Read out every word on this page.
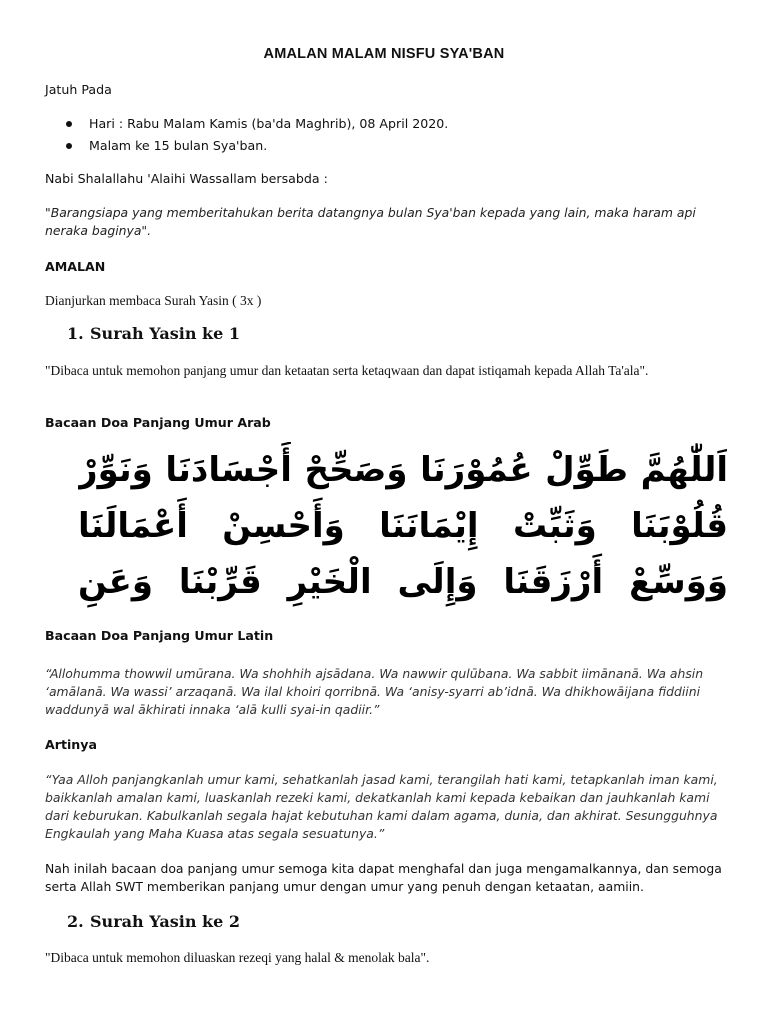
AMALAN MALAM NISFU SYA'BAN
Jatuh Pada
Hari : Rabu Malam Kamis (ba'da Maghrib), 08 April 2020.
Malam ke 15 bulan Sya'ban.
Nabi Shalallahu 'Alaihi Wassallam bersabda :
"Barangsiapa yang memberitahukan berita datangnya bulan Sya'ban kepada yang lain, maka haram api neraka baginya".
AMALAN
Dianjurkan membaca Surah Yasin ( 3x )
1. Surah Yasin ke 1
"Dibaca untuk memohon panjang umur dan ketaatan serta ketaqwaan dan dapat istiqamah kepada Allah Ta'ala".
Bacaan Doa Panjang Umur Arab
اَللّٰهُمَّ طَوِّلْ عُمُوْرَنَا وَصَحِّحْ أَجْسَادَنَا وَنَوِّرْ قُلُوْبَنَا وَثَبِّتْ إِيْمَانَنَا وَأَحْسِنْ أَعْمَالَنَا وَوَسِّعْ أَرْزَقَنَا وَإِلَى الْخَيْرِ قَرِّبْنَا وَعَنِ
Bacaan Doa Panjang Umur Latin
“Allohumma thowwil umūrana. Wa shohhih ajsādana. Wa nawwir qulūbana. Wa sabbit iimānanā. Wa ahsin ‘amālanā. Wa wassi’ arzaqanā. Wa ilal khoiri qorribnā. Wa ‘anisy-syarri ab’idnā. Wa dhikhowāijana fiddiini waddunyā wal ākhirati innaka ‘alā kulli syai-in qadiir.”
Artinya
“Yaa Alloh panjangkanlah umur kami, sehatkanlah jasad kami, terangilah hati kami, tetapkanlah iman kami, baikkanlah amalan kami, luaskanlah rezeki kami, dekatkanlah kami kepada kebaikan dan jauhkanlah kami dari keburukan. Kabulkanlah segala hajat kebutuhan kami dalam agama, dunia, dan akhirat. Sesungguhnya Engkaulah yang Maha Kuasa atas segala sesuatunya.”
Nah inilah bacaan doa panjang umur semoga kita dapat menghafal dan juga mengamalkannya, dan semoga serta Allah SWT memberikan panjang umur dengan umur yang penuh dengan ketaatan, aamiin.
2. Surah Yasin ke 2
"Dibaca untuk memohon diluaskan rezeqi yang halal & menolak bala".
